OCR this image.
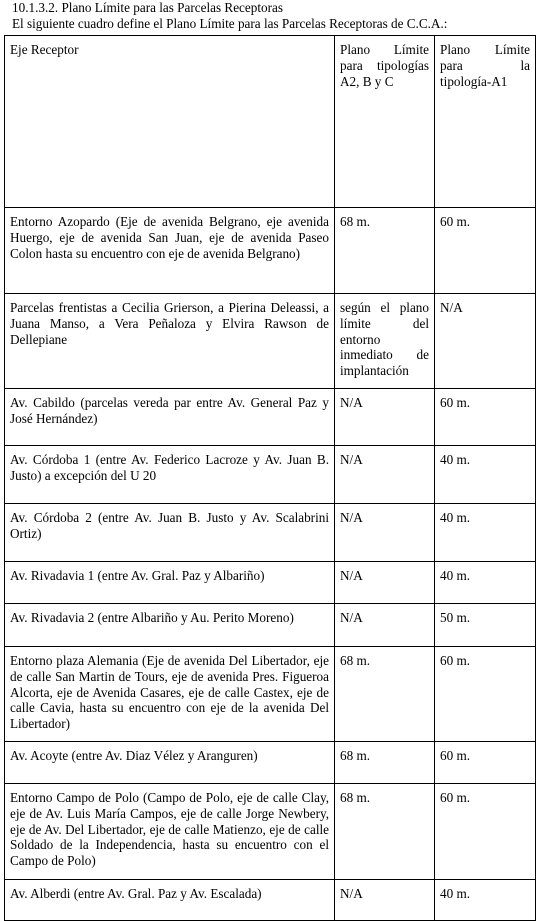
10.1.3.2. Plano Límite para las Parcelas Receptoras
El siguiente cuadro define el Plano Límite para las Parcelas Receptoras de C.C.A.:
Eje Receptor	Plano Límite para tipologías A2, B y C	Plano Límite para la tipología-A1
Entorno Azopardo (Eje de avenida Belgrano, eje avenida Huergo, eje de avenida San Juan, eje de avenida Paseo Colon hasta su encuentro con eje de avenida Belgrano)	68 m.	60 m.
Parcelas frentistas a Cecilia Grierson, a Pierina Deleassi, a Juana Manso, a Vera Peñaloza y Elvira Rawson de Dellepiane	según el plano límite del entorno inmediato de implantación	N/A
Av. Cabildo (parcelas vereda par entre Av. General Paz y José Hernández)	N/A	60 m.
Av. Córdoba 1 (entre Av. Federico Lacroze y Av. Juan B. Justo) a excepción del U 20	N/A	40 m.
Av. Córdoba 2 (entre Av. Juan B. Justo y Av. Scalabrini Ortiz)	N/A	40 m.
Av. Rivadavia 1 (entre Av. Gral. Paz y Albariño)	N/A	40 m.
Av. Rivadavia 2 (entre Albariño y Au. Perito Moreno)	N/A	50 m.
Entorno plaza Alemania (Eje de avenida Del Libertador, eje de calle San Martin de Tours, eje de avenida Pres. Figueroa Alcorta, eje de Avenida Casares, eje de calle Castex, eje de calle Cavia, hasta su encuentro con eje de la avenida Del Libertador)	68 m.	60 m.
Av. Acoyte (entre Av. Diaz Vélez y Aranguren)	68 m.	60 m.
Entorno Campo de Polo (Campo de Polo, eje de calle Clay, eje de Av. Luis María Campos, eje de calle Jorge Newbery, eje de Av. Del Libertador, eje de calle Matienzo, eje de calle Soldado de la Independencia, hasta su encuentro con el Campo de Polo)	68 m.	60 m.
Av. Alberdi (entre Av. Gral. Paz y Av. Escalada)	N/A	40 m.
